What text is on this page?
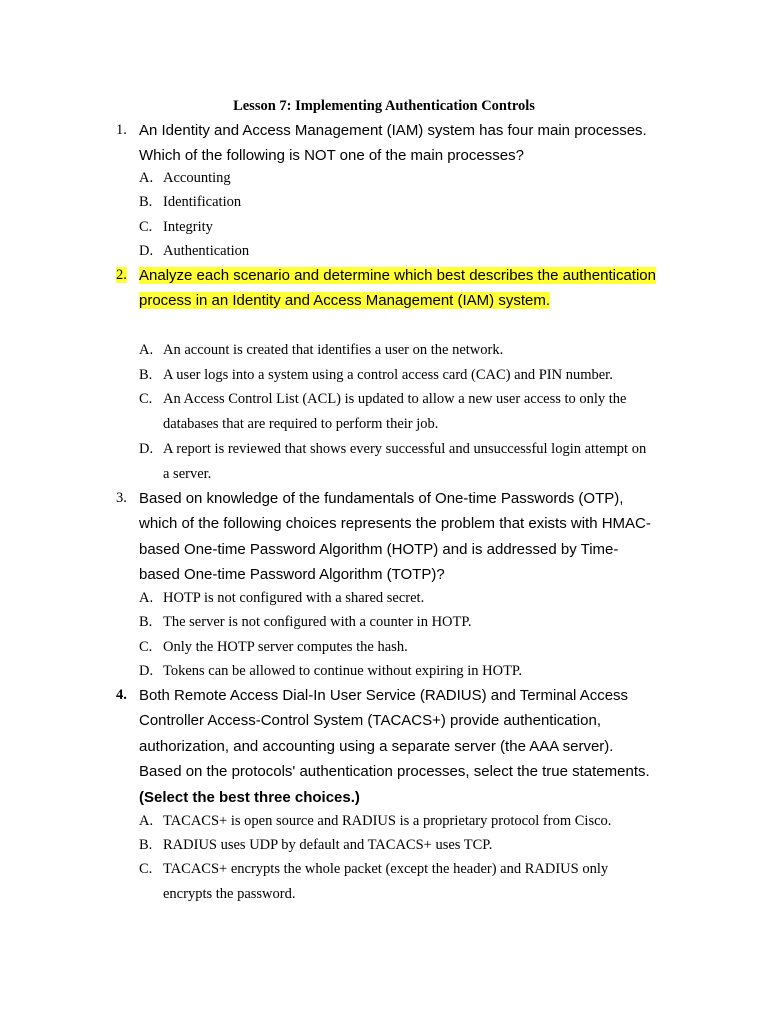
Lesson 7: Implementing Authentication Controls
1. An Identity and Access Management (IAM) system has four main processes. Which of the following is NOT one of the main processes?
A. Accounting
B. Identification
C. Integrity
D. Authentication
2. Analyze each scenario and determine which best describes the authentication process in an Identity and Access Management (IAM) system.
A. An account is created that identifies a user on the network.
B. A user logs into a system using a control access card (CAC) and PIN number.
C. An Access Control List (ACL) is updated to allow a new user access to only the databases that are required to perform their job.
D. A report is reviewed that shows every successful and unsuccessful login attempt on a server.
3. Based on knowledge of the fundamentals of One-time Passwords (OTP), which of the following choices represents the problem that exists with HMAC-based One-time Password Algorithm (HOTP) and is addressed by Time-based One-time Password Algorithm (TOTP)?
A. HOTP is not configured with a shared secret.
B. The server is not configured with a counter in HOTP.
C. Only the HOTP server computes the hash.
D. Tokens can be allowed to continue without expiring in HOTP.
4. Both Remote Access Dial-In User Service (RADIUS) and Terminal Access Controller Access-Control System (TACACS+) provide authentication, authorization, and accounting using a separate server (the AAA server). Based on the protocols' authentication processes, select the true statements. (Select the best three choices.)
A. TACACS+ is open source and RADIUS is a proprietary protocol from Cisco.
B. RADIUS uses UDP by default and TACACS+ uses TCP.
C. TACACS+ encrypts the whole packet (except the header) and RADIUS only encrypts the password.
